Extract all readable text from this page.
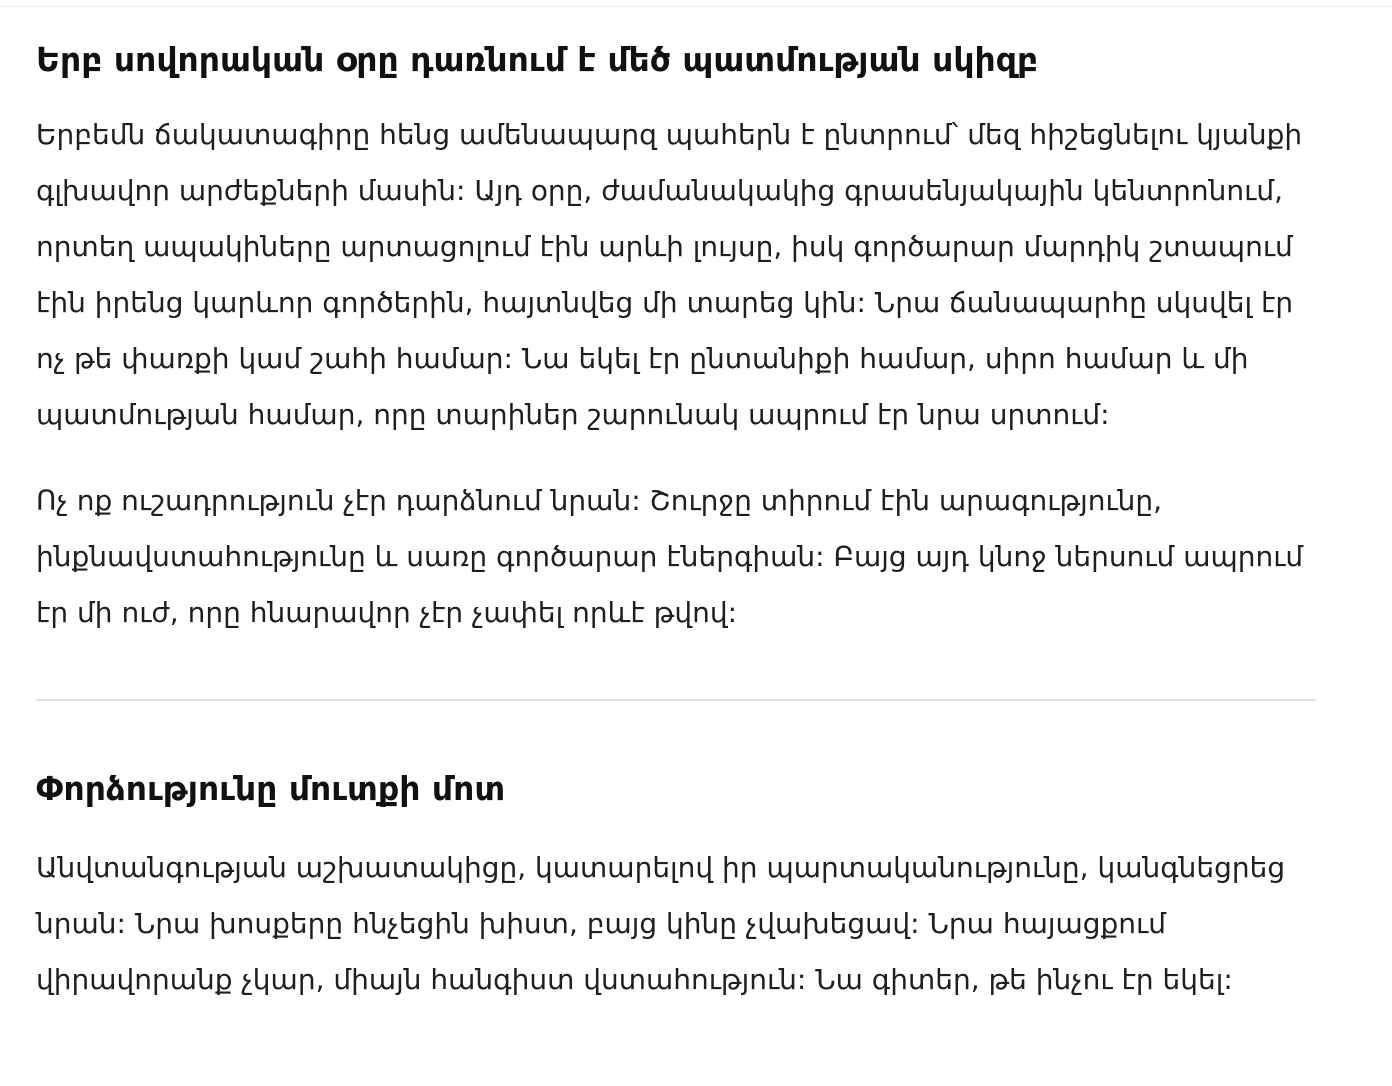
Երբ սովորական օրը դառնում է մեծ պատմության սկիզբ

Երբեմն ճակատագիրը հենց ամենապարզ պահերն է ընտրում՝ մեզ հիշեցնելու կյանքի գլխավոր արժեքների մասին: Այդ օրը, ժամանակակից գրասենյակային կենտրոնում, որտեղ ապակիները արտացոլում էին արևի լույսը, իսկ գործարար մարդիկ շտապում էին իրենց կարևոր գործերին, հայտնվեց մի տարեց կին: Նրա ճանապարհը սկսվել էր ոչ թե փառքի կամ շահի համար: Նա եկել էր ընտանիքի համար, սիրո համար և մի պատմության համար, որը տարիներ շարունակ ապրում էր նրա սրտում:

Ոչ ոք ուշադրություն չէր դարձնում նրան: Շուրջը տիրում էին արագությունը, ինքնավստահությունը և սառը գործարար էներգիան: Բայց այդ կնոջ ներսում ապրում էր մի ուժ, որը հնարավոր չէր չափել որևէ թվով:

Փորձությունը մուտքի մոտ

Անվտանգության աշխատակիցը, կատարելով իր պարտականությունը, կանգնեցրեց նրան: Նրա խոսքերը հնչեցին խիստ, բայց կինը չվախեցավ: Նրա հայացքում վիրավորանք չկար, միայն հանգիստ վստահություն: Նա գիտեր, թե ինչու էր եկել:
